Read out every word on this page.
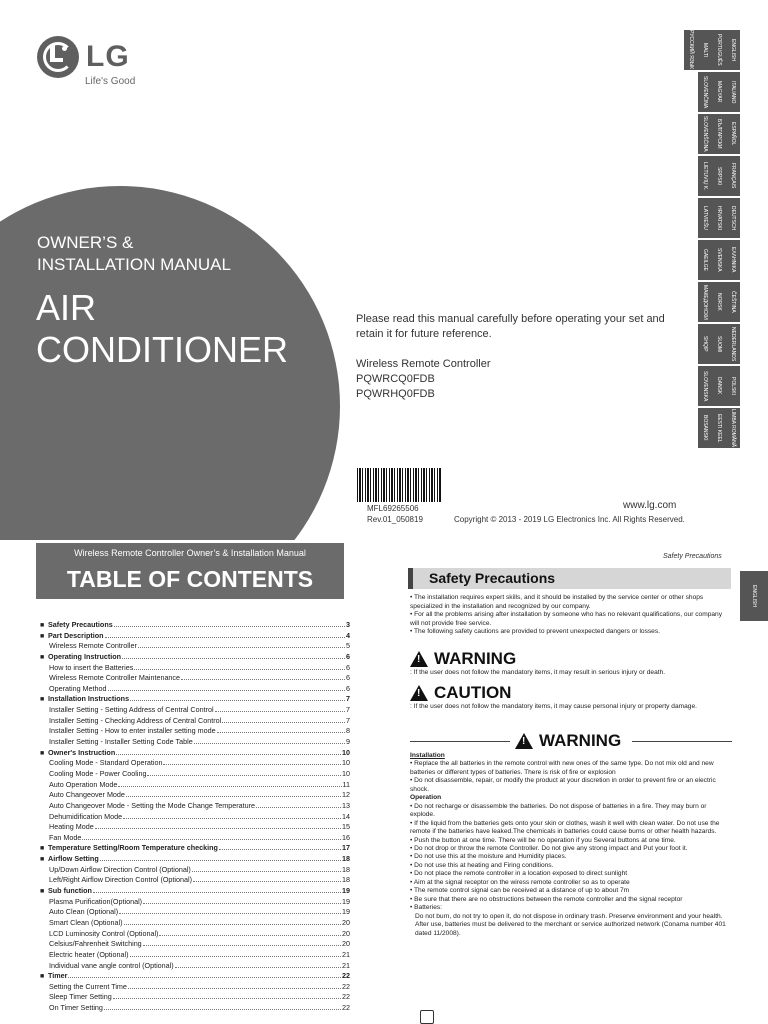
LG
Life's Good
OWNER’S &
INSTALLATION MANUAL
AIR
CONDITIONER
Please read this manual carefully before operating your set and retain it for future reference.
Wireless Remote Controller
PQWRCQ0FDB
PQWRHQ0FDB
ENGLISH
ITALIANO
ESPAÑOL
FRANÇAIS
DEUTSCH
ΕΛΛΗΝΙΚΑ
ČEŠTINA
NEDERLANDS
POLSKI
LIMBA ROMÂNĂ
PORTUGUÊS
MAGYAR
БЪЛГАРСКИ
SRPSKI
HRVATSKI
SVENSKA
NORSK
SUOMI
DANSK
EESTI KEEL
MALTI
SLOVENČINA
SLOVENŠČINA
LIETUVIŲ K.
LATVIEŠU
GAEILGE
МАКЕДОНСКИ
SHQIP
SLOVENSKA
BOSANSKI
РУССКИЙ ЯЗЫК
MFL69265506
Rev.01_050819
www.lg.com
Copyright © 2013 - 2019 LG Electronics Inc. All Rights Reserved.
Wireless Remote Controller Owner’s & Installation Manual
TABLE OF CONTENTS
■ Safety Precautions	3
■ Part Description	4
Wireless Remote Controller	5
■ Operating Instruction	6
How to insert the Batteries	6
Wireless Remote Controller Maintenance	6
Operating Method	6
■ Installation Instructions	7
Installer Setting - Setting Address of Central Control	7
Installer Setting - Checking Address of Central Control	7
Installer Setting - How to enter installer setting mode	8
Installer Setting - Installer Setting Code Table	9
■ Owner's Instruction	10
Cooling Mode - Standard Operation	10
Cooling Mode - Power Cooling	10
Auto Operation Mode	11
Auto Changeover Mode	12
Auto Changeover Mode - Setting the Mode Change Temperature	13
Dehumidification Mode	14
Heating Mode	15
Fan Mode	16
■ Temperature Setting/Room Temperature checking	17
■ Airflow Setting	18
Up/Down Airflow Direction Control (Optional)	18
Left/Right Airflow Direction Control (Optional)	18
■ Sub function	19
Plasma Purification(Optional)	19
Auto Clean (Optional)	19
Smart Clean (Optional)	20
LCD Luminosity Control (Optional)	20
Celsius/Fahrenheit Switching	20
Electric heater (Optional)	21
Individual vane angle control (Optional)	21
■ Timer	22
Setting the Current Time	22
Sleep Timer Setting	22
On Timer Setting	22
Safety Precautions
ENGLISH
Safety Precautions

• The installation requires expert skills, and it should be installed by the service center or other shops specialized in the installation and recognized by our company.

• For all the problems arising after installation by someone who has no relevant qualifications, our company will not provide free service.

• The following safety cautions are provided to prevent unexpected dangers or losses.

!
WARNING
: If the user does not follow the mandatory items, it may result in serious injury or death.
!
CAUTION
: If the user does not follow the mandatory items, it may cause personal injury or property damage.
!
WARNING
Installation
• Replace the all batteries in the remote control with new ones of the same type. Do not mix old and new batteries or different types of batteries. There is risk of fire or explosion
• Do not disassemble, repair, or modify the product at your discretion in order to prevent fire or an electric shock.
Operation
• Do not recharge or disassemble the batteries. Do not dispose of batteries in a fire. They may burn or explode.
• If the liquid from the batteries gets onto your skin or clothes, wash it well with clean water. Do not use the remote if the batteries have leaked.The chemicals in batteries could cause burns or other health hazards.
• Push the button at one time. There will be no operation if you Several buttons at one time.
• Do not drop or throw the remote Controller. Do not give any strong impact and Put your foot it.
• Do not use this at the moisture and Humidity places.
• Do not use this at heating and Firing conditions.
• Do not place the remote controller in a location exposed to direct sunlight
• Aim at the signal receptor on the wiress remote controller so as to operate
• The remote control signal can be received at a distance of up to about 7m
• Be sure that there are no obstructions between the remote controller and the signal receptor
• Batteries:
Do not burn, do not try to open it, do not dispose in ordinary trash. Preserve environment and your health.
After use, batteries must be delivered to the merchant or service authorized network (Conama number 401 dated 11/2008).
